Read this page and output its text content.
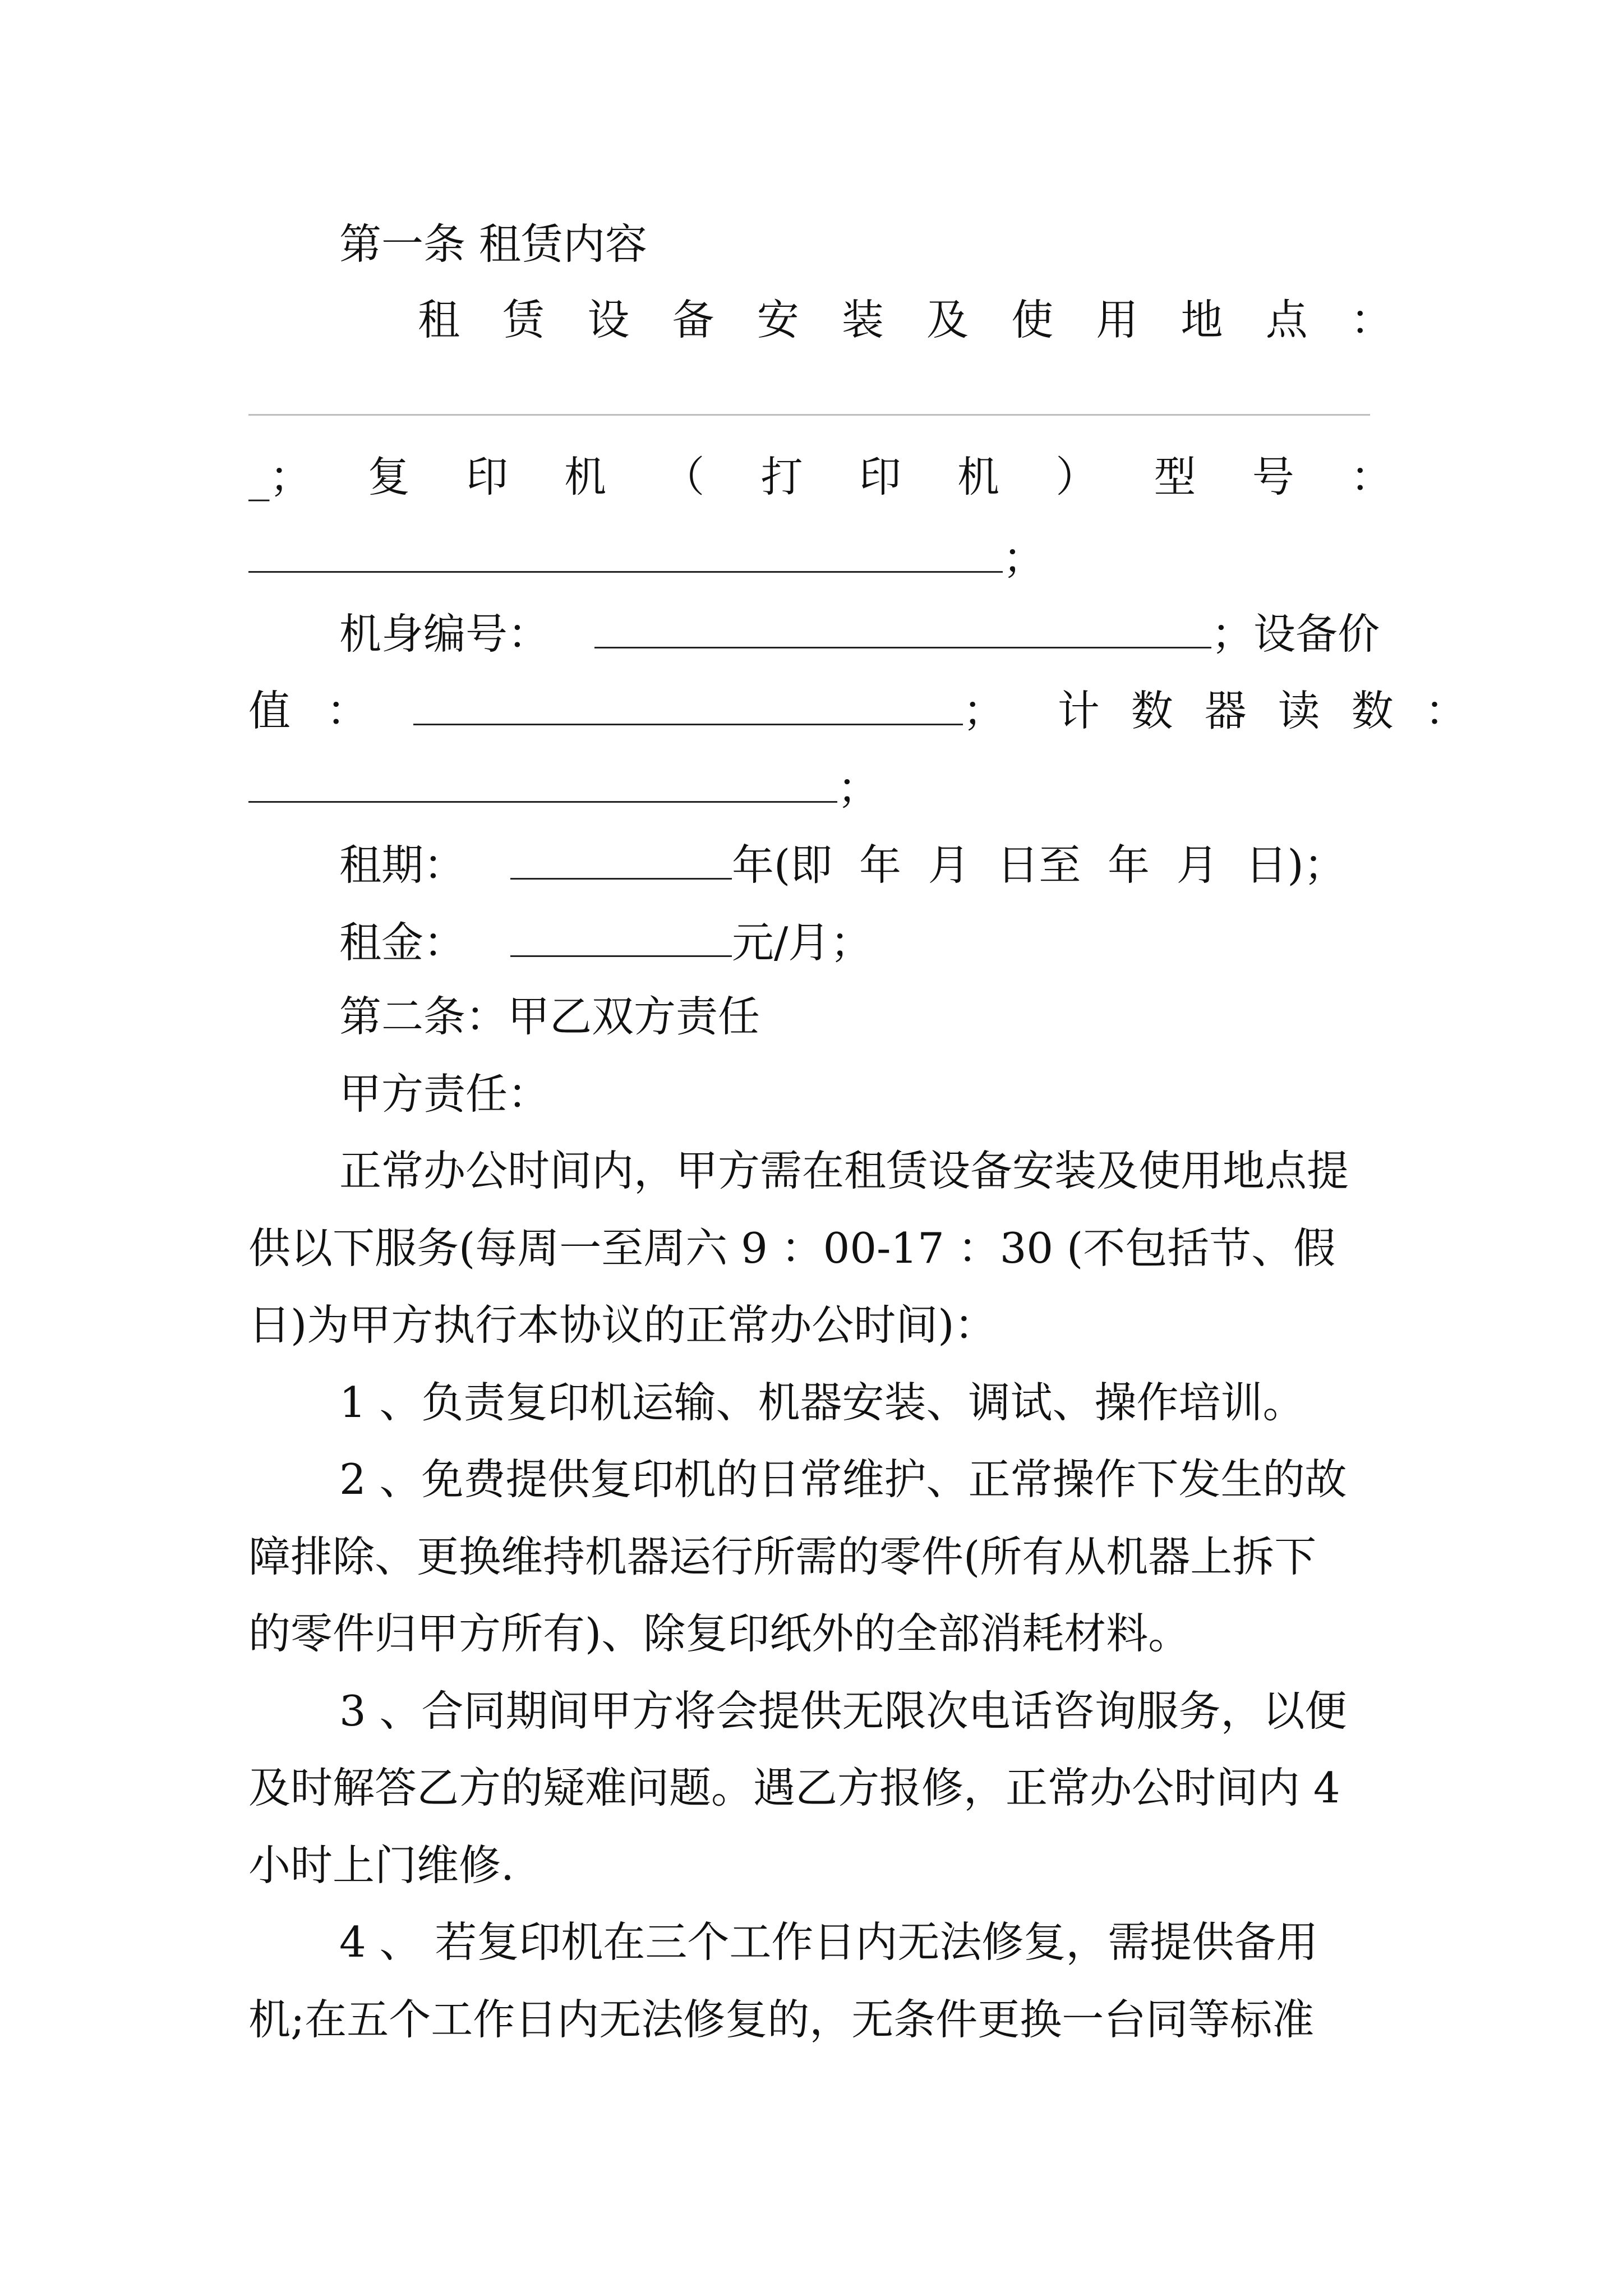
第一条 租赁内容
租 赁 设 备 安 装 及 使 用 地 点 ：
_； 复 印 机 （ 打 印 机 ） 型 号 ：
；
机身编号：	；设备价
值 ：	； 计 数 器 读 数 ：
；
租期：	年(即  年  月  日至  年  月  日)；
租金：	元/月；
第二条：甲乙双方责任
甲方责任：
正常办公时间内，甲方需在租赁设备安装及使用地点提
供以下服务(每周一至周六 9 ：00-17 ：30 (不包括节、假
日)为甲方执行本协议的正常办公时间)：
1 、负责复印机运输、机器安装、调试、操作培训。
2 、免费提供复印机的日常维护、正常操作下发生的故
障排除、更换维持机器运行所需的零件(所有从机器上拆下
的零件归甲方所有)、除复印纸外的全部消耗材料。
3 、合同期间甲方将会提供无限次电话咨询服务，以便
及时解答乙方的疑难问题。遇乙方报修，正常办公时间内 4
小时上门维修.
4 、 若复印机在三个工作日内无法修复，需提供备用
机;在五个工作日内无法修复的，无条件更换一台同等标准
